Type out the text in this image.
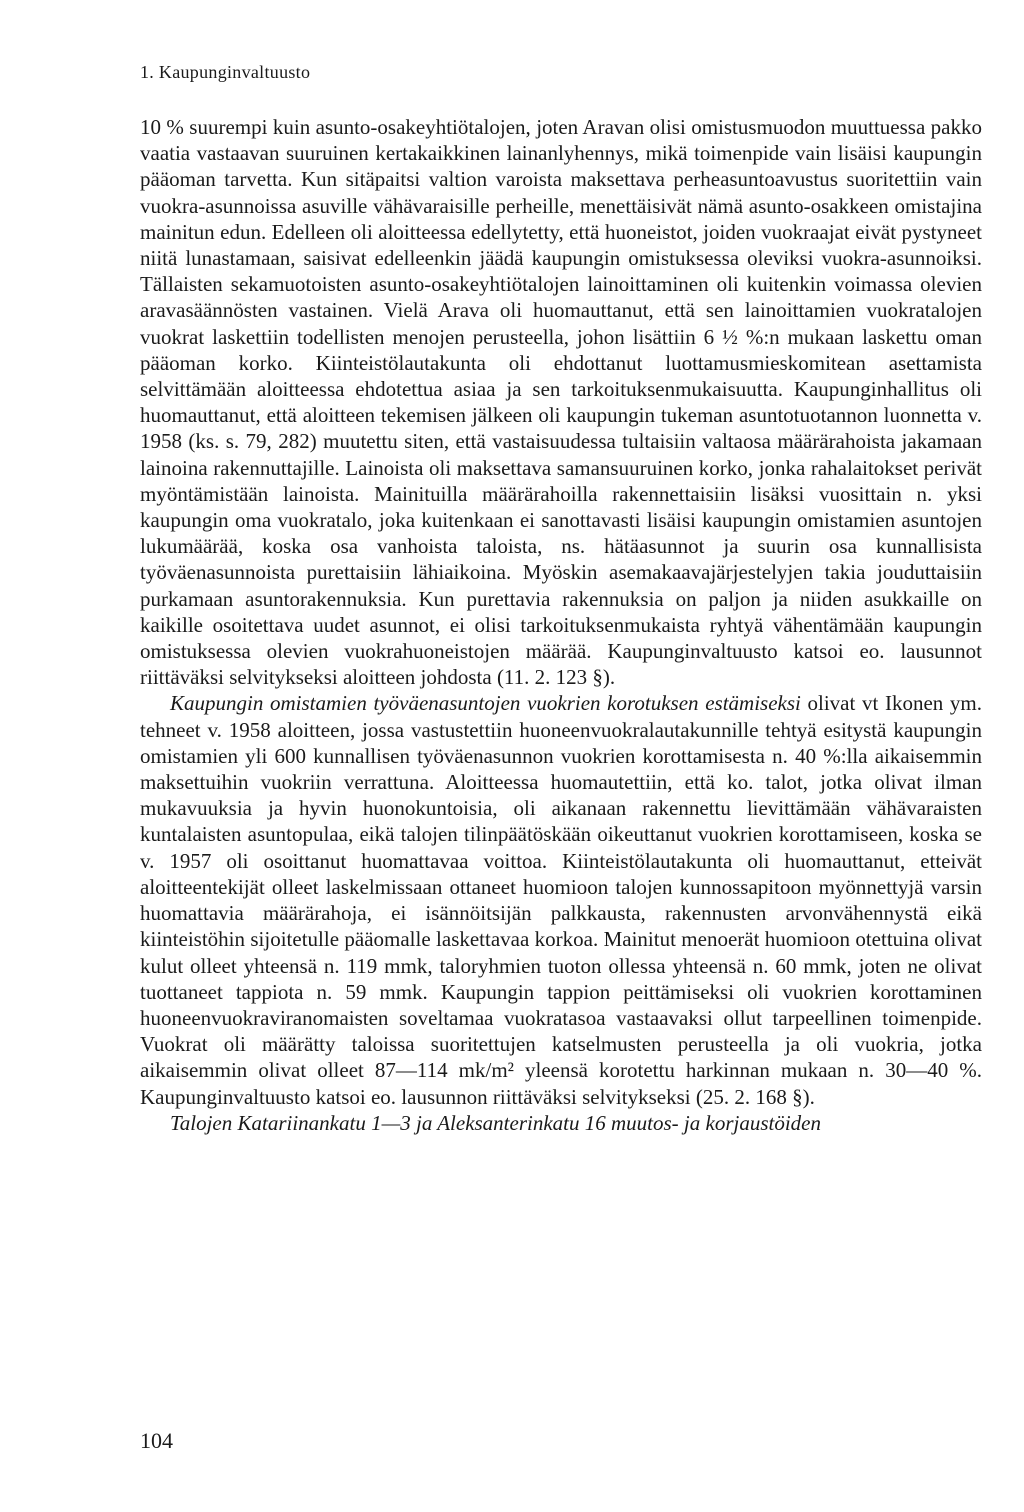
1. Kaupunginvaltuusto

10 % suurempi kuin asunto-osakeyhtiötalojen, joten Aravan olisi omistusmuodon muuttuessa pakko vaatia vastaavan suuruinen kertakaikkinen lainanlyhennys, mikä toimenpide vain lisäisi kaupungin pääoman tarvetta. Kun sitäpaitsi valtion varoista maksettava perheasuntoavustus suoritettiin vain vuokra-asunnoissa asuville vähävaraisille perheille, menettäisivät nämä asunto-osakkeen omistajina mainitun edun. Edelleen oli aloitteessa edellytetty, että huoneistot, joiden vuokraajat eivät pystyneet niitä lunastamaan, saisivat edelleenkin jäädä kaupungin omistuksessa oleviksi vuokra-asunnoiksi. Tällaisten sekamuotoisten asunto-osakeyhtiötalojen lainoittaminen oli kuitenkin voimassa olevien aravasäännösten vastainen. Vielä Arava oli huomauttanut, että sen lainoittamien vuokratalojen vuokrat laskettiin todellisten menojen perusteella, johon lisättiin 6 ½ %:n mukaan laskettu oman pääoman korko. Kiinteistölautakunta oli ehdottanut luottamusmieskomitean asettamista selvittämään aloitteessa ehdotettua asiaa ja sen tarkoituksenmukaisuutta. Kaupunginhallitus oli huomauttanut, että aloitteen tekemisen jälkeen oli kaupungin tukeman asuntotuotannon luonnetta v. 1958 (ks. s. 79, 282) muutettu siten, että vastaisuudessa tultaisiin valtaosa määrärahoista jakamaan lainoina rakennuttajille. Lainoista oli maksettava samansuuruinen korko, jonka rahalaitokset perivät myöntämistään lainoista. Mainituilla määrärahoilla rakennettaisiin lisäksi vuosittain n. yksi kaupungin oma vuokratalo, joka kuitenkaan ei sanottavasti lisäisi kaupungin omistamien asuntojen lukumäärää, koska osa vanhoista taloista, ns. hätäasunnot ja suurin osa kunnallisista työväenasunnoista purettaisiin lähiaikoina. Myöskin asemakaavajärjestelyjen takia jouduttaisiin purkamaan asuntorakennuksia. Kun purettavia rakennuksia on paljon ja niiden asukkaille on kaikille osoitettava uudet asunnot, ei olisi tarkoituksenmukaista ryhtyä vähentämään kaupungin omistuksessa olevien vuokrahuoneistojen määrää. Kaupunginvaltuusto katsoi eo. lausunnot riittäväksi selvitykseksi aloitteen johdosta (11. 2. 123 §).

Kaupungin omistamien työväenasuntojen vuokrien korotuksen estämiseksi olivat vt Ikonen ym. tehneet v. 1958 aloitteen, jossa vastustettiin huoneenvuokralautakunnille tehtyä esitystä kaupungin omistamien yli 600 kunnallisen työväenasunnon vuokrien korottamisesta n. 40 %:lla aikaisemmin maksettuihin vuokriin verrattuna. Aloitteessa huomautettiin, että ko. talot, jotka olivat ilman mukavuuksia ja hyvin huonokuntoisia, oli aikanaan rakennettu lievittämään vähävaraisten kuntalaisten asuntopulaa, eikä talojen tilinpäätöskään oikeuttanut vuokrien korottamiseen, koska se v. 1957 oli osoittanut huomattavaa voittoa. Kiinteistölautakunta oli huomauttanut, etteivät aloitteentekijät olleet laskelmissaan ottaneet huomioon talojen kunnossapitoon myönnettyjä varsin huomattavia määrärahoja, ei isännöitsijän palkkausta, rakennusten arvonvähennystä eikä kiinteistöhin sijoitetulle pääomalle laskettavaa korkoa. Mainitut menoerät huomioon otettuina olivat kulut olleet yhteensä n. 119 mmk, taloryhmien tuoton ollessa yhteensä n. 60 mmk, joten ne olivat tuottaneet tappiota n. 59 mmk. Kaupungin tappion peittämiseksi oli vuokrien korottaminen huoneenvuokraviranomaisten soveltamaa vuokratasoa vastaavaksi ollut tarpeellinen toimenpide. Vuokrat oli määrätty taloissa suoritettujen katselmusten perusteella ja oli vuokria, jotka aikaisemmin olivat olleet 87—114 mk/m² yleensä korotettu harkinnan mukaan n. 30—40 %. Kaupunginvaltuusto katsoi eo. lausunnon riittäväksi selvitykseksi (25. 2. 168 §).

Talojen Katariinankatu 1—3 ja Aleksanterinkatu 16 muutos- ja korjaustöiden

104
